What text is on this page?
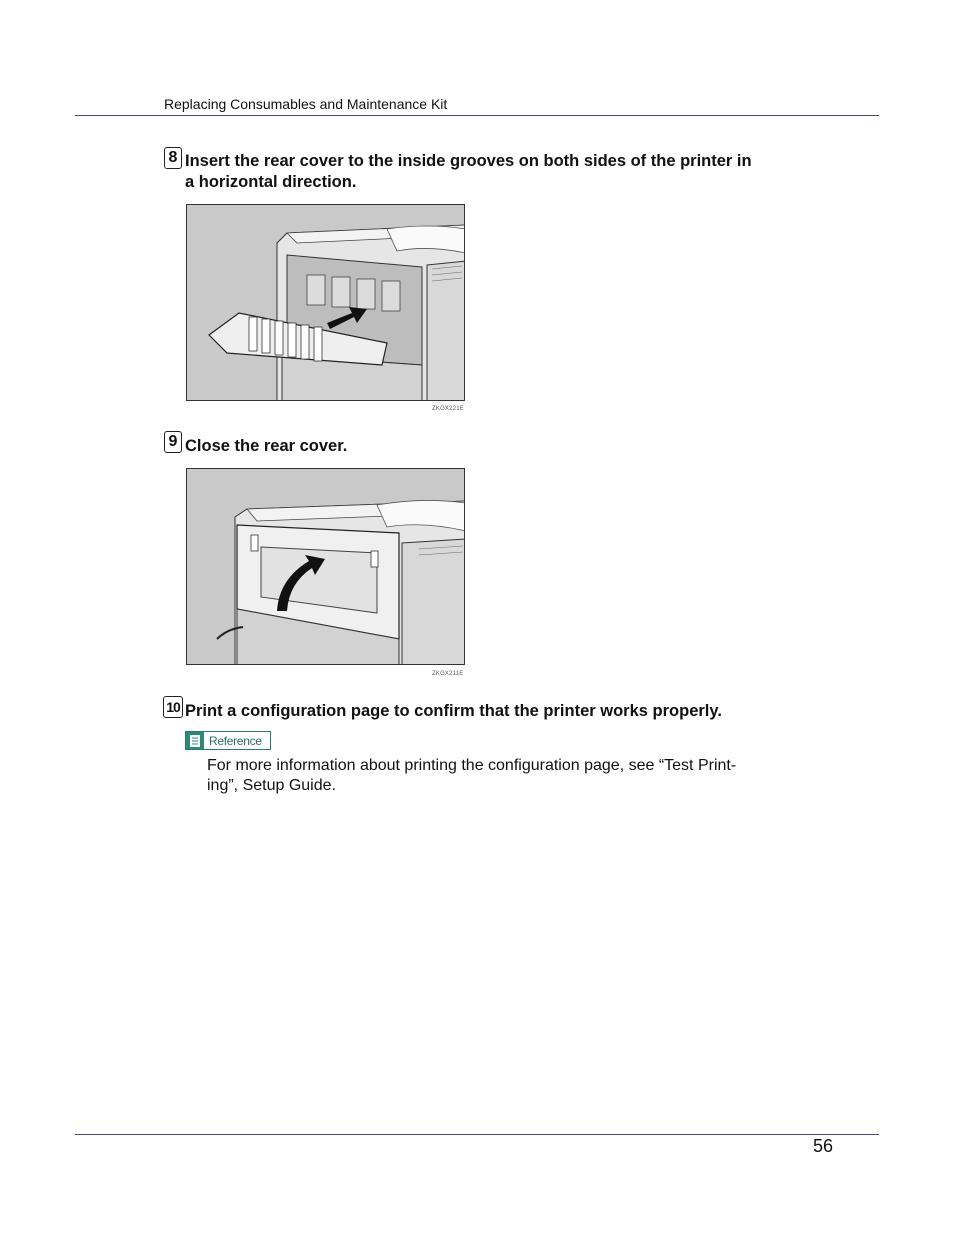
Replacing Consumables and Maintenance Kit
8 Insert the rear cover to the inside grooves on both sides of the printer in
a horizontal direction.
ZKGX221E
9 Close the rear cover.
ZKGX211E
10 Print a configuration page to confirm that the printer works properly.
Reference
For more information about printing the configuration page, see “Test Print-
ing”, Setup Guide.
56
